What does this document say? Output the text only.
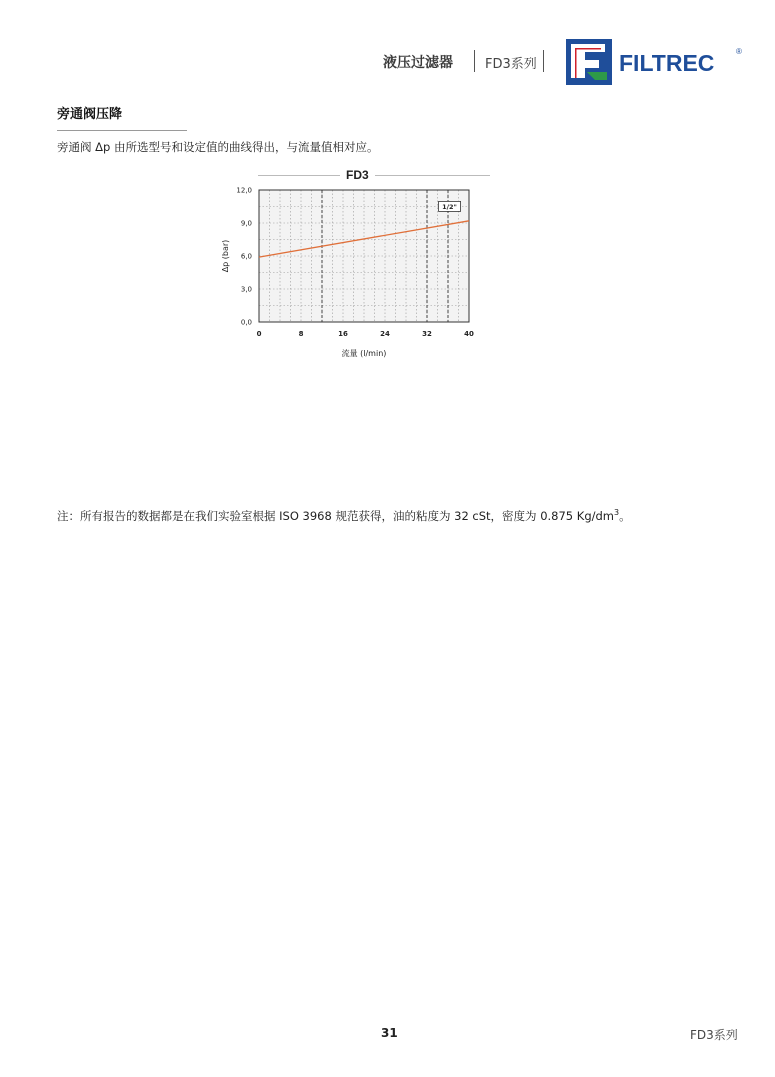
液压过滤器 FD3系列	FILTREC	®
旁通阀压降
旁通阀 Δp 由所选型号和设定值的曲线得出，与流量值相对应。
FD3
0	8	16	24	32	40
0,0
3,0
6,0
9,0
12,0
流量 (l/min)
Δp (bar)
1/2"
注：所有报告的数据都是在我们实验室根据 ISO 3968 规范获得，油的粘度为 32 cSt，密度为 0.875 $Kg/dm^3$。
31	FD3系列
